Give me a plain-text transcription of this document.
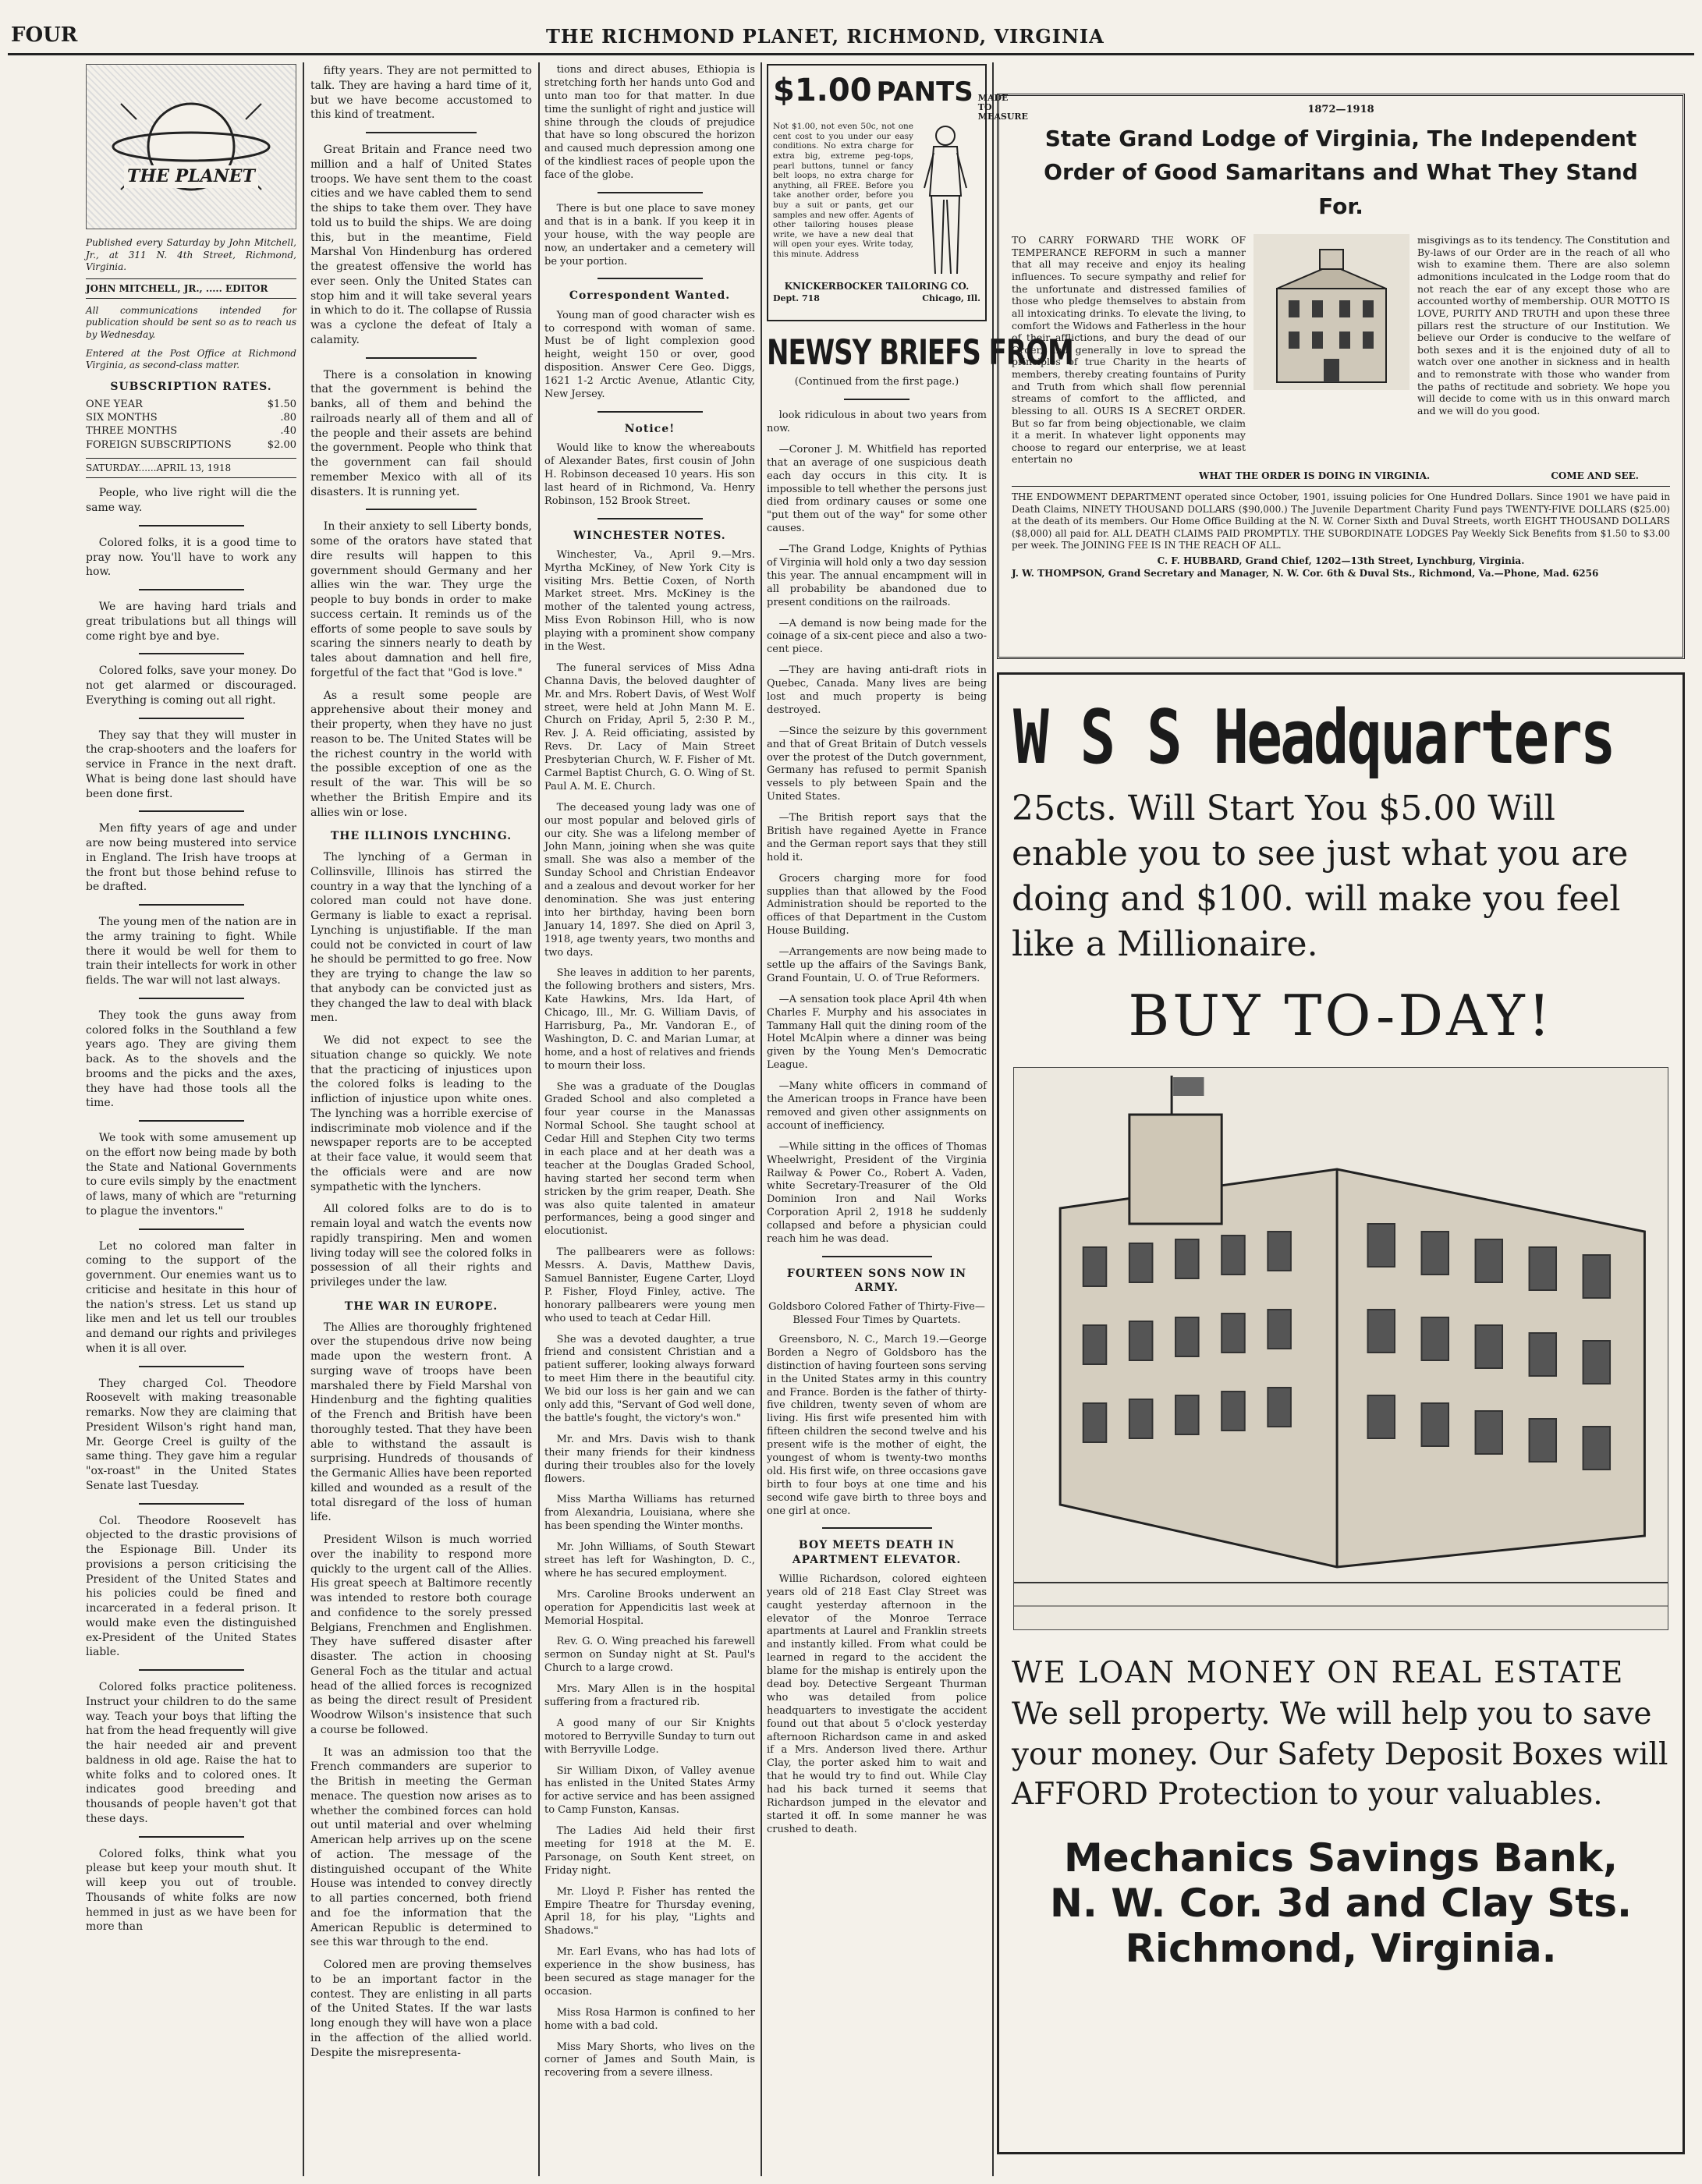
FOUR	THE RICHMOND PLANET, RICHMOND, VIRGINIA
THE PLANET
Published every Saturday by John Mitchell, Jr., at 311 N. 4th Street, Richmond, Virginia.
JOHN MITCHELL, JR., ..... EDITOR
All communications intended for publication should be sent so as to reach us by Wednesday.
Entered at the Post Office at Richmond Virginia, as second-class matter.
SUBSCRIPTION RATES.
ONE YEAR	$1.50
SIX MONTHS	.80
THREE MONTHS	.40
FOREIGN SUBSCRIPTIONS	$2.00
SATURDAY......APRIL 13, 1918

People, who live right will die the same way.

Colored folks, it is a good time to pray now. You'll have to work any how.

We are having hard trials and great tribulations but all things will come right bye and bye.

Colored folks, save your money. Do not get alarmed or discouraged. Everything is coming out all right.

They say that they will muster in the crap-shooters and the loafers for service in France in the next draft. What is being done last should have been done first.

Men fifty years of age and under are now being mustered into service in England. The Irish have troops at the front but those behind refuse to be drafted.

The young men of the nation are in the army training to fight. While there it would be well for them to train their intellects for work in other fields. The war will not last always.

They took the guns away from colored folks in the Southland a few years ago. They are giving them back. As to the shovels and the brooms and the picks and the axes, they have had those tools all the time.

We took with some amusement up on the effort now being made by both the State and National Governments to cure evils simply by the enactment of laws, many of which are "returning to plague the inventors."

Let no colored man falter in coming to the support of the government. Our enemies want us to criticise and hesitate in this hour of the nation's stress. Let us stand up like men and let us tell our troubles and demand our rights and privileges when it is all over.

They charged Col. Theodore Roosevelt with making treasonable remarks. Now they are claiming that President Wilson's right hand man, Mr. George Creel is guilty of the same thing. They gave him a regular "ox-roast" in the United States Senate last Tuesday.

Col. Theodore Roosevelt has objected to the drastic provisions of the Espionage Bill. Under its provisions a person criticising the President of the United States and his policies could be fined and incarcerated in a federal prison. It would make even the distinguished ex-President of the United States liable.

Colored folks practice politeness. Instruct your children to do the same way. Teach your boys that lifting the hat from the head frequently will give the hair needed air and prevent baldness in old age. Raise the hat to white folks and to colored ones. It indicates good breeding and thousands of people haven't got that these days.

Colored folks, think what you please but keep your mouth shut. It will keep you out of trouble. Thousands of white folks are now hemmed in just as we have been for more than

fifty years. They are not permitted to talk. They are having a hard time of it, but we have become accustomed to this kind of treatment.

Great Britain and France need two million and a half of United States troops. We have sent them to the coast cities and we have cabled them to send the ships to take them over. They have told us to build the ships. We are doing this, but in the meantime, Field Marshal Von Hindenburg has ordered the greatest offensive the world has ever seen. Only the United States can stop him and it will take several years in which to do it. The collapse of Russia was a cyclone the defeat of Italy a calamity.

There is a consolation in knowing that the government is behind the banks, all of them and behind the railroads nearly all of them and all of the people and their assets are behind the government. People who think that the government can fail should remember Mexico with all of its disasters. It is running yet.

In their anxiety to sell Liberty bonds, some of the orators have stated that dire results will happen to this government should Germany and her allies win the war. They urge the people to buy bonds in order to make success certain. It reminds us of the efforts of some people to save souls by scaring the sinners nearly to death by tales about damnation and hell fire, forgetful of the fact that "God is love."

As a result some people are apprehensive about their money and their property, when they have no just reason to be. The United States will be the richest country in the world with the possible exception of one as the result of the war. This will be so whether the British Empire and its allies win or lose.

THE ILLINOIS LYNCHING.

The lynching of a German in Collinsville, Illinois has stirred the country in a way that the lynching of a colored man could not have done. Germany is liable to exact a reprisal. Lynching is unjustifiable. If the man could not be convicted in court of law he should be permitted to go free. Now they are trying to change the law so that anybody can be convicted just as they changed the law to deal with black men.

We did not expect to see the situation change so quickly. We note that the practicing of injustices upon the colored folks is leading to the infliction of injustice upon white ones. The lynching was a horrible exercise of indiscriminate mob violence and if the newspaper reports are to be accepted at their face value, it would seem that the officials were and are now sympathetic with the lynchers.

All colored folks are to do is to remain loyal and watch the events now rapidly transpiring. Men and women living today will see the colored folks in possession of all their rights and privileges under the law.

THE WAR IN EUROPE.

The Allies are thoroughly frightened over the stupendous drive now being made upon the western front. A surging wave of troops have been marshaled there by Field Marshal von Hindenburg and the fighting qualities of the French and British have been thoroughly tested. That they have been able to withstand the assault is surprising. Hundreds of thousands of the Germanic Allies have been reported killed and wounded as a result of the total disregard of the loss of human life.

President Wilson is much worried over the inability to respond more quickly to the urgent call of the Allies. His great speech at Baltimore recently was intended to restore both courage and confidence to the sorely pressed Belgians, Frenchmen and Englishmen. They have suffered disaster after disaster. The action in choosing General Foch as the titular and actual head of the allied forces is recognized as being the direct result of President Woodrow Wilson's insistence that such a course be followed.

It was an admission too that the French commanders are superior to the British in meeting the German menace. The question now arises as to whether the combined forces can hold out until material and over whelming American help arrives up on the scene of action. The message of the distinguished occupant of the White House was intended to convey directly to all parties concerned, both friend and foe the information that the American Republic is determined to see this war through to the end.

Colored men are proving themselves to be an important factor in the contest. They are enlisting in all parts of the United States. If the war lasts long enough they will have won a place in the affection of the allied world. Despite the misrepresenta-

tions and direct abuses, Ethiopia is stretching forth her hands unto God and unto man too for that matter. In due time the sunlight of right and justice will shine through the clouds of prejudice that have so long obscured the horizon and caused much depression among one of the kindliest races of people upon the face of the globe.

There is but one place to save money and that is in a bank. If you keep it in your house, with the way people are now, an undertaker and a cemetery will be your portion.

Correspondent Wanted.

Young man of good character wish es to correspond with woman of same. Must be of light complexion good height, weight 150 or over, good disposition. Answer Cere Geo. Diggs, 1621 1-2 Arctic Avenue, Atlantic City, New Jersey.

Notice!

Would like to know the whereabouts of Alexander Bates, first cousin of John H. Robinson deceased 10 years. His son last heard of in Richmond, Va. Henry Robinson, 152 Brook Street.

WINCHESTER NOTES.

Winchester, Va., April 9.—Mrs. Myrtha McKiney, of New York City is visiting Mrs. Bettie Coxen, of North Market street. Mrs. McKiney is the mother of the talented young actress, Miss Evon Robinson Hill, who is now playing with a prominent show company in the West.

The funeral services of Miss Adna Channa Davis, the beloved daughter of Mr. and Mrs. Robert Davis, of West Wolf street, were held at John Mann M. E. Church on Friday, April 5, 2:30 P. M., Rev. J. A. Reid officiating, assisted by Revs. Dr. Lacy of Main Street Presbyterian Church, W. F. Fisher of Mt. Carmel Baptist Church, G. O. Wing of St. Paul A. M. E. Church.

The deceased young lady was one of our most popular and beloved girls of our city. She was a lifelong member of John Mann, joining when she was quite small. She was also a member of the Sunday School and Christian Endeavor and a zealous and devout worker for her denomination. She was just entering into her birthday, having been born January 14, 1897. She died on April 3, 1918, age twenty years, two months and two days.

She leaves in addition to her parents, the following brothers and sisters, Mrs. Kate Hawkins, Mrs. Ida Hart, of Chicago, Ill., Mr. G. William Davis, of Harrisburg, Pa., Mr. Vandoran E., of Washington, D. C. and Marian Lumar, at home, and a host of relatives and friends to mourn their loss.

She was a graduate of the Douglas Graded School and also completed a four year course in the Manassas Normal School. She taught school at Cedar Hill and Stephen City two terms in each place and at her death was a teacher at the Douglas Graded School, having started her second term when stricken by the grim reaper, Death. She was also quite talented in amateur performances, being a good singer and elocutionist.

The pallbearers were as follows: Messrs. A. Davis, Matthew Davis, Samuel Bannister, Eugene Carter, Lloyd P. Fisher, Floyd Finley, active. The honorary pallbearers were young men who used to teach at Cedar Hill.

She was a devoted daughter, a true friend and consistent Christian and a patient sufferer, looking always forward to meet Him there in the beautiful city. We bid our loss is her gain and we can only add this, "Servant of God well done, the battle's fought, the victory's won."

Mr. and Mrs. Davis wish to thank their many friends for their kindness during their troubles also for the lovely flowers.

Miss Martha Williams has returned from Alexandria, Louisiana, where she has been spending the Winter months.

Mr. John Williams, of South Stewart street has left for Washington, D. C., where he has secured employment.

Mrs. Caroline Brooks underwent an operation for Appendicitis last week at Memorial Hospital.

Rev. G. O. Wing preached his farewell sermon on Sunday night at St. Paul's Church to a large crowd.

Mrs. Mary Allen is in the hospital suffering from a fractured rib.

A good many of our Sir Knights motored to Berryville Sunday to turn out with Berryville Lodge.

Sir William Dixon, of Valley avenue has enlisted in the United States Army for active service and has been assigned to Camp Funston, Kansas.

The Ladies Aid held their first meeting for 1918 at the M. E. Parsonage, on South Kent street, on Friday night.

Mr. Lloyd P. Fisher has rented the Empire Theatre for Thursday evening, April 18, for his play, "Lights and Shadows."

Mr. Earl Evans, who has had lots of experience in the show business, has been secured as stage manager for the occasion.

Miss Rosa Harmon is confined to her home with a bad cold.

Miss Mary Shorts, who lives on the corner of James and South Main, is recovering from a severe illness.

$1.00 PANTS MADE TO MEASURE
Not $1.00, not even 50c, not one cent cost to you under our easy conditions. No extra charge for extra big, extreme peg-tops, pearl buttons, tunnel or fancy belt loops, no extra charge for anything, all FREE. Before you take another order, before you buy a suit or pants, get our samples and new offer. Agents of other tailoring houses please write, we have a new deal that will open your eyes. Write today, this minute. Address
KNICKERBOCKER TAILORING CO.
Dept. 718	Chicago, Ill.
NEWSY BRIEFS FROM
(Continued from the first page.)

look ridiculous in about two years from now.

—Coroner J. M. Whitfield has reported that an average of one suspicious death each day occurs in this city. It is impossible to tell whether the persons just died from ordinary causes or some one "put them out of the way" for some other causes.

—The Grand Lodge, Knights of Pythias of Virginia will hold only a two day session this year. The annual encampment will in all probability be abandoned due to present conditions on the railroads.

—A demand is now being made for the coinage of a six-cent piece and also a two-cent piece.

—They are having anti-draft riots in Quebec, Canada. Many lives are being lost and much property is being destroyed.

—Since the seizure by this government and that of Great Britain of Dutch vessels over the protest of the Dutch government, Germany has refused to permit Spanish vessels to ply between Spain and the United States.

—The British report says that the British have regained Ayette in France and the German report says that they still hold it.

Grocers charging more for food supplies than that allowed by the Food Administration should be reported to the offices of that Department in the Custom House Building.

—Arrangements are now being made to settle up the affairs of the Savings Bank, Grand Fountain, U. O. of True Reformers.

—A sensation took place April 4th when Charles F. Murphy and his associates in Tammany Hall quit the dining room of the Hotel McAlpin where a dinner was being given by the Young Men's Democratic League.

—Many white officers in command of the American troops in France have been removed and given other assignments on account of inefficiency.

—While sitting in the offices of Thomas Wheelwright, President of the Virginia Railway & Power Co., Robert A. Vaden, white Secretary-Treasurer of the Old Dominion Iron and Nail Works Corporation April 2, 1918 he suddenly collapsed and before a physician could reach him he was dead.

FOURTEEN SONS NOW IN ARMY.
Goldsboro Colored Father of Thirty-Five—Blessed Four Times by Quartets.

Greensboro, N. C., March 19.—George Borden a Negro of Goldsboro has the distinction of having fourteen sons serving in the United States army in this country and France. Borden is the father of thirty-five children, twenty seven of whom are living. His first wife presented him with fifteen children the second twelve and his present wife is the mother of eight, the youngest of whom is twenty-two months old. His first wife, on three occasions gave birth to four boys at one time and his second wife gave birth to three boys and one girl at once.

BOY MEETS DEATH IN APARTMENT ELEVATOR.

Willie Richardson, colored eighteen years old of 218 East Clay Street was caught yesterday afternoon in the elevator of the Monroe Terrace apartments at Laurel and Franklin streets and instantly killed. From what could be learned in regard to the accident the blame for the mishap is entirely upon the dead boy. Detective Sergeant Thurman who was detailed from police headquarters to investigate the accident found out that about 5 o'clock yesterday afternoon Richardson came in and asked if a Mrs. Anderson lived there. Arthur Clay, the porter asked him to wait and that he would try to find out. While Clay had his back turned it seems that Richardson jumped in the elevator and started it off. In some manner he was crushed to death.

1872—1918
State Grand Lodge of Virginia, The Independent Order of Good Samaritans and What They Stand For.
TO CARRY FORWARD THE WORK OF TEMPERANCE REFORM in such a manner that all may receive and enjoy its healing influences. To secure sympathy and relief for the unfortunate and distressed families of those who pledge themselves to abstain from all intoxicating drinks. To elevate the living, to comfort the Widows and Fatherless in the hour of their afflictions, and bury the dead of our Order, and generally in love to spread the principles of true Charity in the hearts of members, thereby creating fountains of Purity and Truth from which shall flow perennial streams of comfort to the afflicted, and blessing to all. OURS IS A SECRET ORDER. But so far from being objectionable, we claim it a merit. In whatever light opponents may choose to regard our enterprise, we at least entertain no
misgivings as to its tendency. The Constitution and By-laws of our Order are in the reach of all who wish to examine them. There are also solemn admonitions inculcated in the Lodge room that do not reach the ear of any except those who are accounted worthy of membership. OUR MOTTO IS LOVE, PURITY AND TRUTH and upon these three pillars rest the structure of our Institution. We believe our Order is conducive to the welfare of both sexes and it is the enjoined duty of all to watch over one another in sickness and in health and to remonstrate with those who wander from the paths of rectitude and sobriety. We hope you will decide to come with us in this onward march and we will do you good.
WHAT THE ORDER IS DOING IN VIRGINIA.	COME AND SEE.
THE ENDOWMENT DEPARTMENT operated since October, 1901, issuing policies for One Hundred Dollars. Since 1901 we have paid in Death Claims, NINETY THOUSAND DOLLARS ($90,000.) The Juvenile Department Charity Fund pays TWENTY-FIVE DOLLARS ($25.00) at the death of its members. Our Home Office Building at the N. W. Corner Sixth and Duval Streets, worth EIGHT THOUSAND DOLLARS ($8,000) all paid for. ALL DEATH CLAIMS PAID PROMPTLY. THE SUBORDINATE LODGES Pay Weekly Sick Benefits from $1.50 to $3.00 per week. The JOINING FEE IS IN THE REACH OF ALL.
C. F. HUBBARD, Grand Chief, 1202—13th Street, Lynchburg, Virginia.
J. W. THOMPSON, Grand Secretary and Manager, N. W. Cor. 6th & Duval Sts., Richmond, Va.—Phone, Mad. 6256
W S S Headquarters
25cts. Will Start You $5.00 Will enable you to see just what you are doing and $100. will make you feel like a Millionaire.
BUY TO-DAY!
WE LOAN MONEY ON REAL ESTATE
We sell property. We will help you to save your money. Our Safety Deposit Boxes will AFFORD Protection to your valuables.
Mechanics Savings Bank,
N. W. Cor. 3d and Clay Sts.
Richmond, Virginia.
